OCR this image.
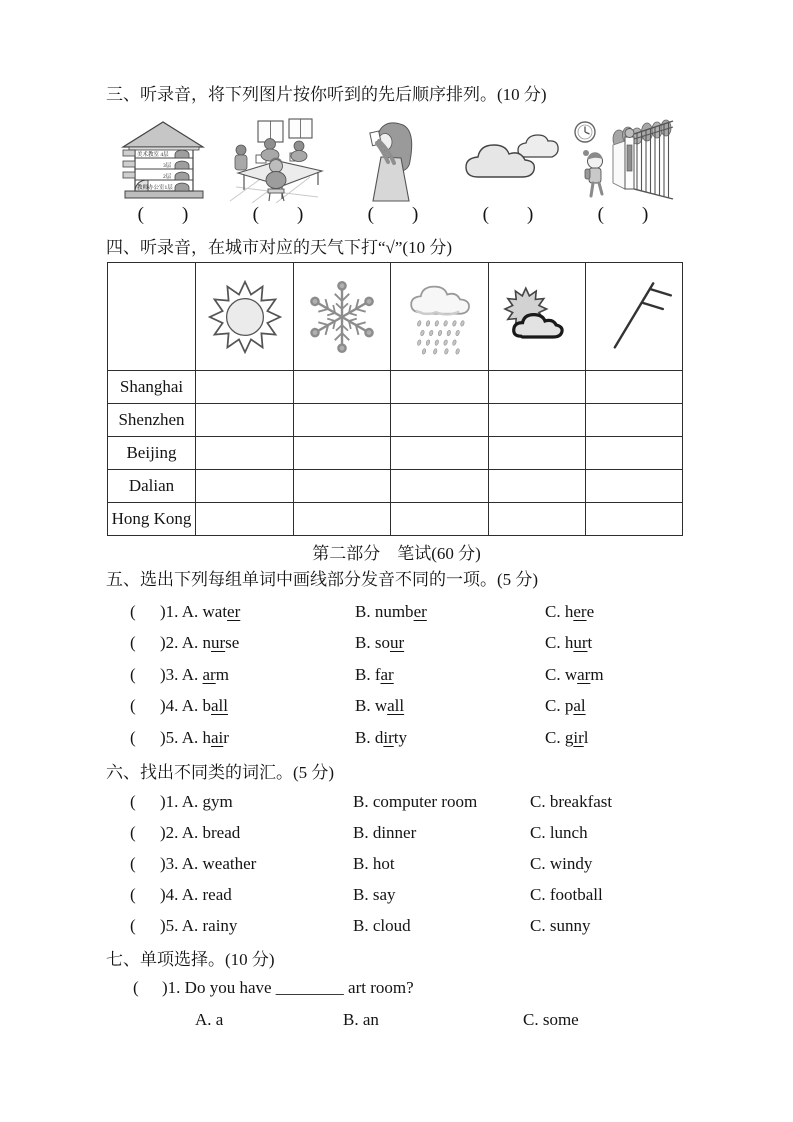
三、听录音，将下列图片按你听到的先后顺序排列。(10 分)
美术教室 4层
3层
2层
教师办公室1层
(　　)	(　　)	(　　)	(　　)	(　　)
四、听录音，在城市对应的天气下打“√”(10 分)

Shanghai					
Shenzhen					
Beijing					
Dalian					
Hong Kong					
第二部分　笔试(60 分)
五、选出下列每组单词中画线部分发音不同的一项。(5 分)
(	)1. A. water	B. number	C. here
(	)2. A. nurse	B. sour	C. hurt
(	)3. A. arm	B. far	C. warm
(	)4. A. ball	B. wall	C. pal
(	)5. A. hair	B. dirty	C. girl
六、找出不同类的词汇。(5 分)
(	)1. A. gym	B. computer room	C. breakfast
(	)2. A. bread	B. dinner	C. lunch
(	)3. A. weather	B. hot	C. windy
(	)4. A. read	B. say	C. football
(	)5. A. rainy	B. cloud	C. sunny
七、单项选择。(10 分)
(	)1. Do you have ________ art room?
A. a	B. an	C. some
